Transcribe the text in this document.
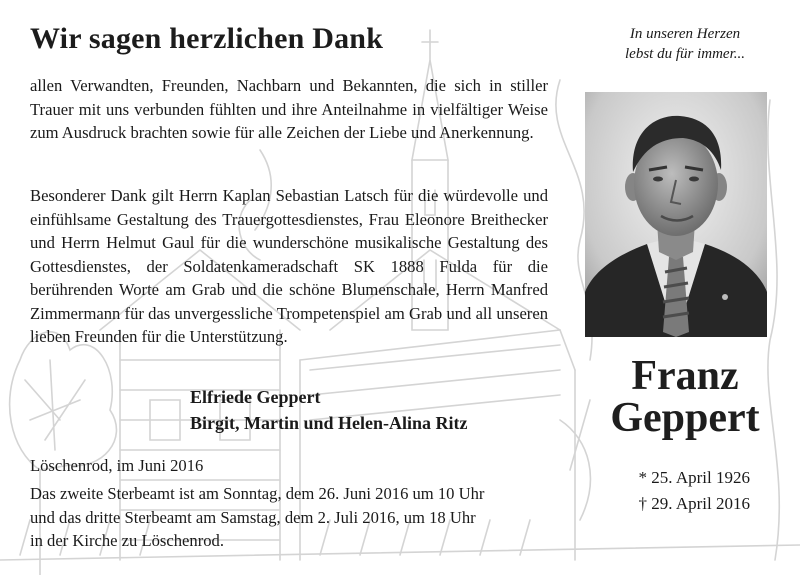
Wir sagen herzlichen Dank

allen Verwandten, Freunden, Nachbarn und Bekannten, die sich in stiller Trauer mit uns verbunden fühlten und ihre Anteilnahme in vielfältiger Weise zum Ausdruck brachten sowie für alle Zeichen der Liebe und Anerkennung.

Besonderer Dank gilt Herrn Kaplan Sebastian Latsch für die würdevolle und einfühlsame Gestaltung des Trauergottesdienstes, Frau Eleonore Breithecker und Herrn Helmut Gaul für die wunderschöne musikalische Gestaltung des Gottesdienstes, der Soldatenkameradschaft SK 1888 Fulda für die berührenden Worte am Grab und die schöne Blumenschale, Herrn Manfred Zimmermann für das unvergessliche Trompetenspiel am Grab und all unseren lieben Freunden für die Unterstützung.

Elfriede Geppert

Birgit, Martin und Helen-Alina Ritz

Löschenrod, im Juni 2016

Das zweite Sterbeamt ist am Sonntag, dem 26. Juni 2016 um 10 Uhr
und das dritte Sterbeamt am Samstag, dem 2. Juli 2016, um 18 Uhr
in der Kirche zu Löschenrod.

In unseren Herzen
lebst du für immer...

Franz

Geppert

* 25. April 1926

† 29. April 2016
